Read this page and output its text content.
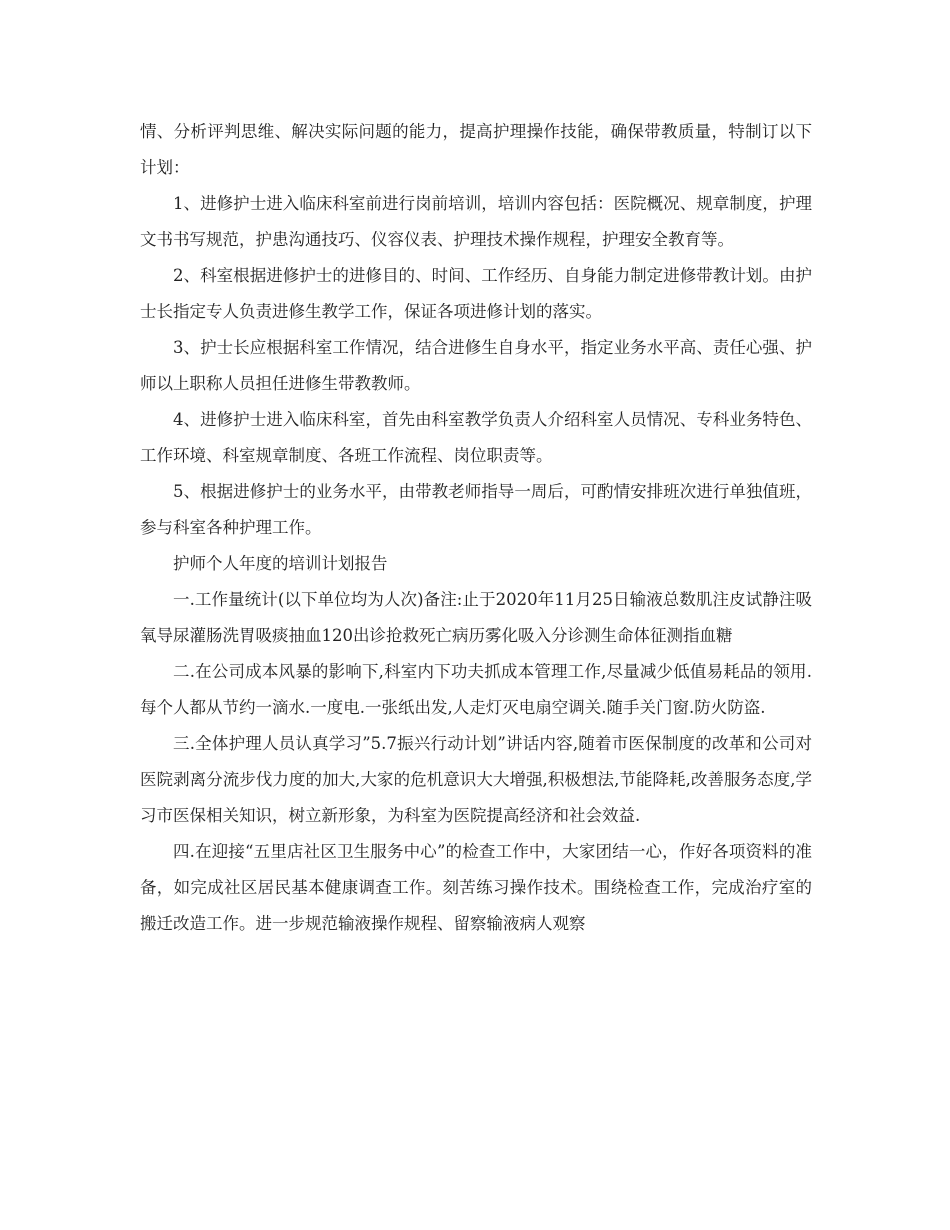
情、分析评判思维、解决实际问题的能力，提高护理操作技能，确保带教质量，特制订以下计划：

1、进修护士进入临床科室前进行岗前培训，培训内容包括：医院概况、规章制度，护理文书书写规范，护患沟通技巧、仪容仪表、护理技术操作规程，护理安全教育等。

2、科室根据进修护士的进修目的、时间、工作经历、自身能力制定进修带教计划。由护士长指定专人负责进修生教学工作，保证各项进修计划的落实。

3、护士长应根据科室工作情况，结合进修生自身水平，指定业务水平高、责任心强、护师以上职称人员担任进修生带教教师。

4、进修护士进入临床科室，首先由科室教学负责人介绍科室人员情况、专科业务特色、工作环境、科室规章制度、各班工作流程、岗位职责等。

5、根据进修护士的业务水平，由带教老师指导一周后，可酌情安排班次进行单独值班，参与科室各种护理工作。

护师个人年度的培训计划报告

一.工作量统计(以下单位均为人次)备注:止于2020年11月25日输液总数肌注皮试静注吸氧导尿灌肠洗胃吸痰抽血120出诊抢救死亡病历雾化吸入分诊测生命体征测指血糖

二.在公司成本风暴的影响下,科室内下功夫抓成本管理工作,尽量减少低值易耗品的领用.每个人都从节约一滴水.一度电.一张纸出发,人走灯灭电扇空调关.随手关门窗.防火防盗.

三.全体护理人员认真学习”5.7振兴行动计划”讲话内容,随着市医保制度的改革和公司对医院剥离分流步伐力度的加大,大家的危机意识大大增强,积极想法,节能降耗,改善服务态度,学习市医保相关知识，树立新形象，为科室为医院提高经济和社会效益.

四.在迎接“五里店社区卫生服务中心”的检查工作中，大家团结一心，作好各项资料的准备，如完成社区居民基本健康调查工作。刻苦练习操作技术。围绕检查工作，完成治疗室的搬迁改造工作。进一步规范输液操作规程、留察输液病人观察
